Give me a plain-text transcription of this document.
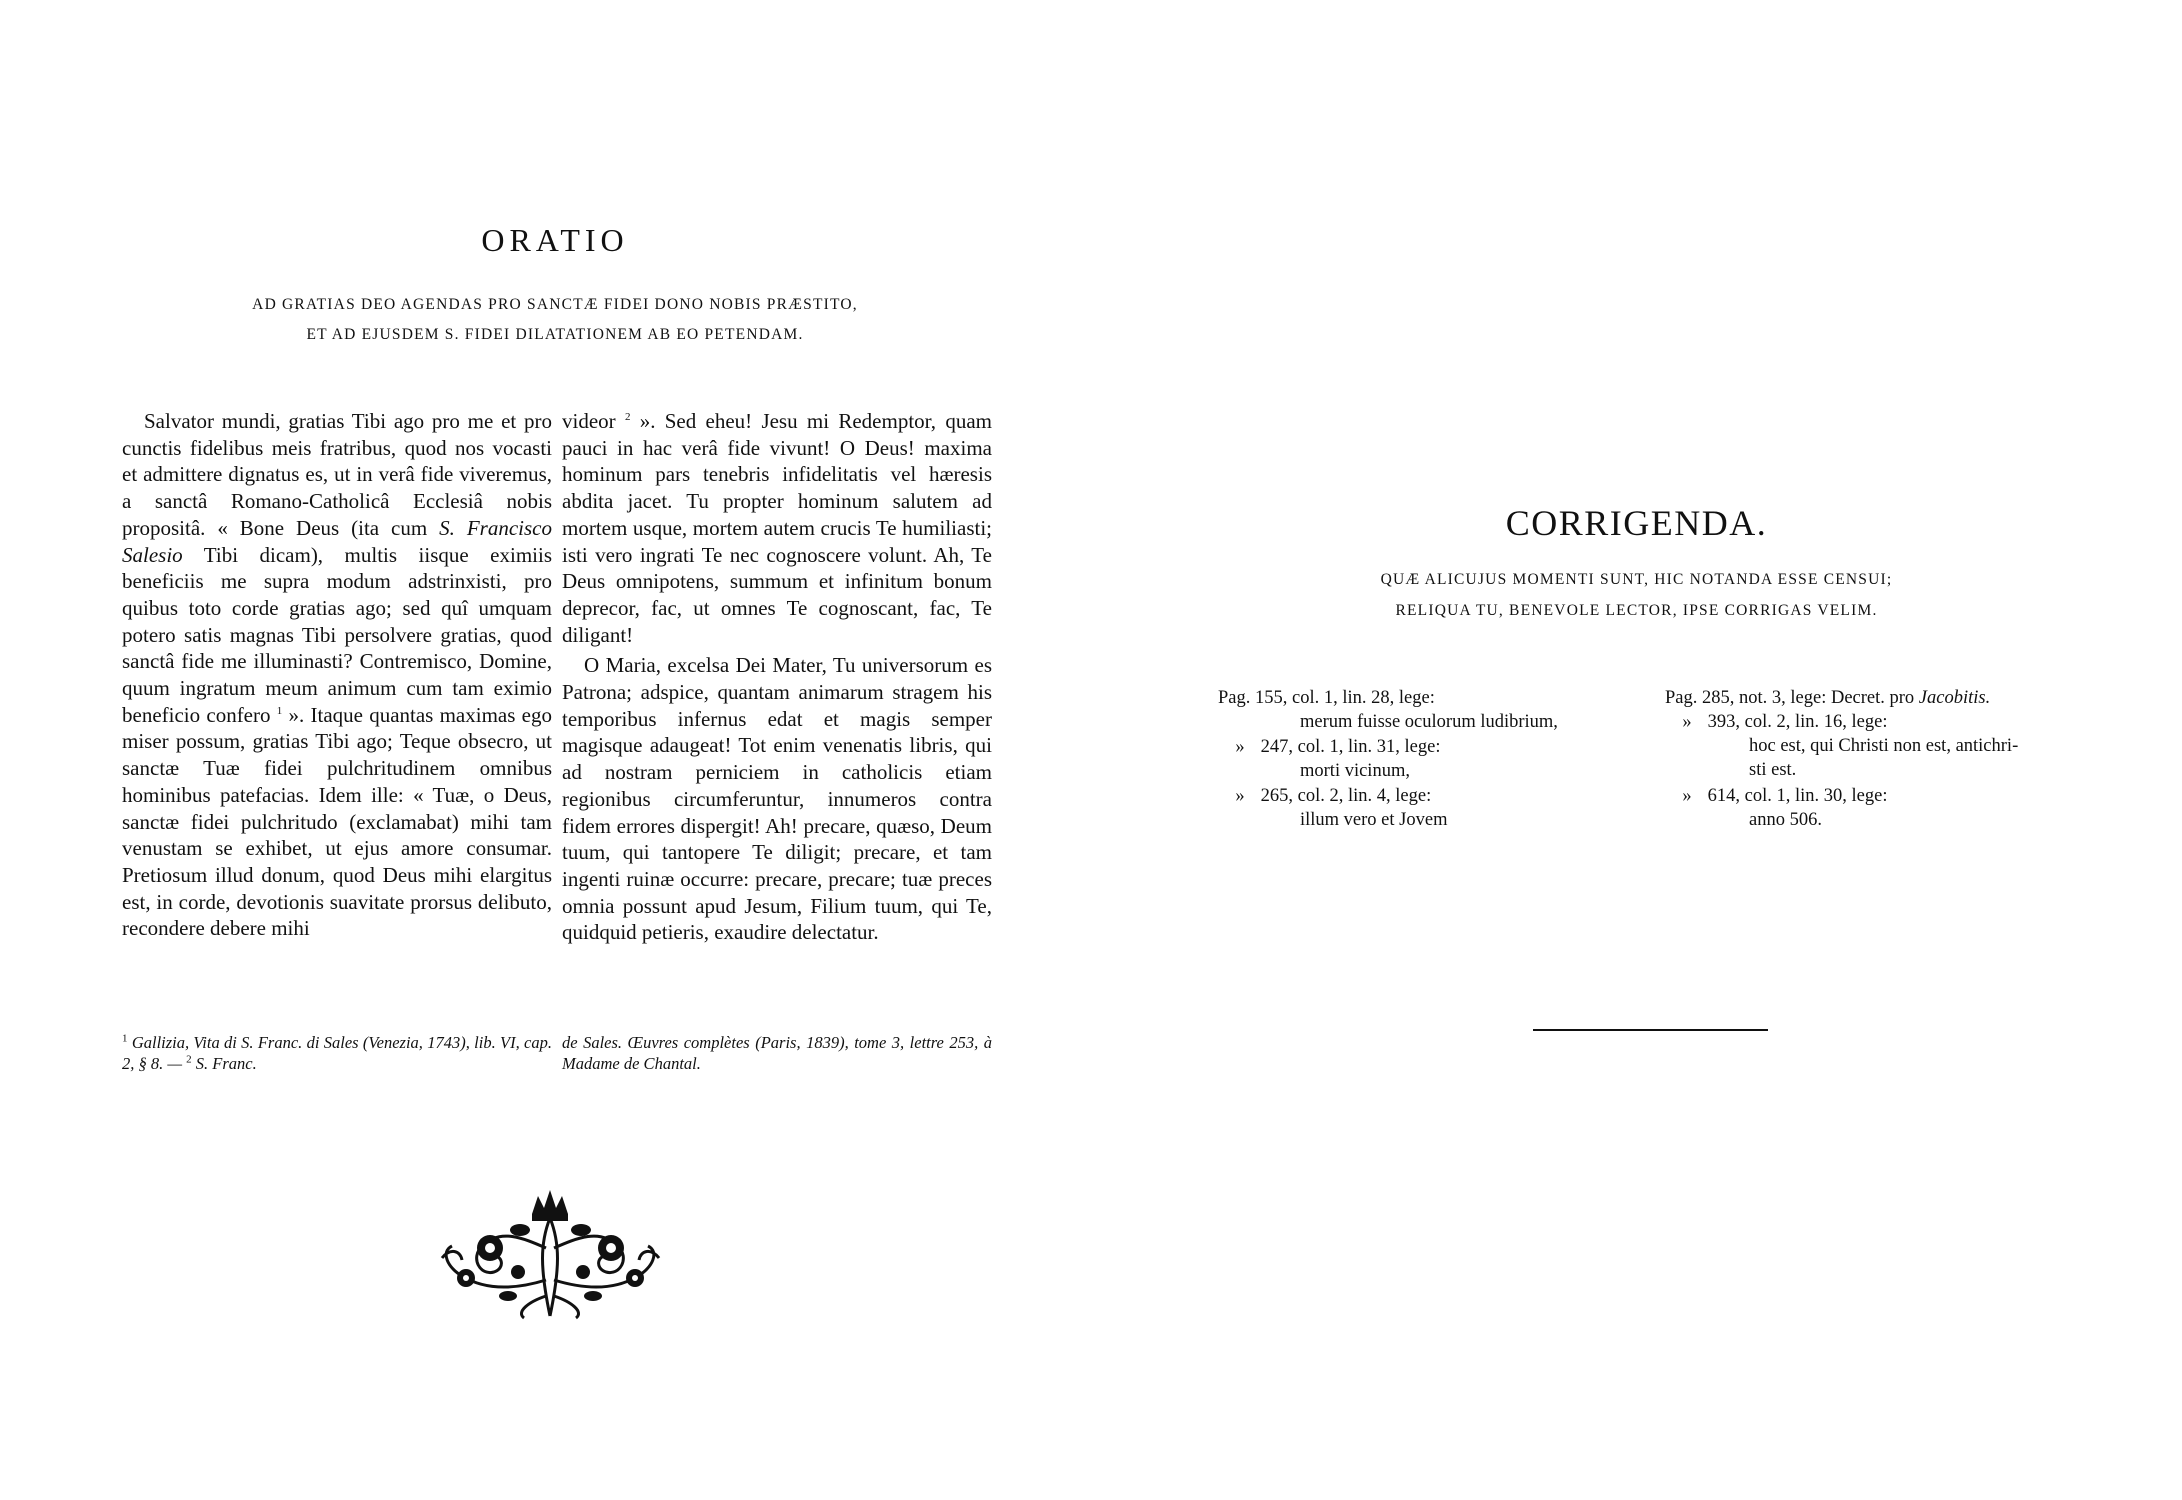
ORATIO

AD GRATIAS DEO AGENDAS PRO SANCTÆ FIDEI DONO NOBIS PRÆSTITO,

ET AD EJUSDEM S. FIDEI DILATATIONEM AB EO PETENDAM.

Salvator mundi, gratias Tibi ago pro me et pro cunctis fidelibus meis fratribus, quod nos vocasti et admittere dignatus es, ut in verâ fide viveremus, a sanctâ Romano-Catholicâ Ecclesiâ nobis propositâ. « Bone Deus (ita cum S. Francisco Salesio Tibi dicam), multis iisque eximiis beneficiis me supra modum adstrinxisti, pro quibus toto corde gratias ago; sed quî umquam potero satis magnas Tibi persolvere gratias, quod sanctâ fide me illuminasti? Contremisco, Domine, quum ingratum meum animum cum tam eximio beneficio confero $^1$ ». Itaque quantas maximas ego miser possum, gratias Tibi ago; Teque obsecro, ut sanctæ Tuæ fidei pulchritudinem omnibus hominibus patefacias. Idem ille: « Tuæ, o Deus, sanctæ fidei pulchritudo (exclamabat) mihi tam venustam se exhibet, ut ejus amore consumar. Pretiosum illud donum, quod Deus mihi elargitus est, in corde, devotionis suavitate prorsus delibuto, recondere debere mihi

videor $^2$ ». Sed eheu! Jesu mi Redemptor, quam pauci in hac verâ fide vivunt! O Deus! maxima hominum pars tenebris infidelitatis vel hæresis abdita jacet. Tu propter hominum salutem ad mortem usque, mortem autem crucis Te humiliasti; isti vero ingrati Te nec cognoscere volunt. Ah, Te Deus omnipotens, summum et infinitum bonum deprecor, fac, ut omnes Te cognoscant, fac, Te diligant!

O Maria, excelsa Dei Mater, Tu universorum es Patrona; adspice, quantam animarum stragem his temporibus infernus edat et magis semper magisque adaugeat! Tot enim venenatis libris, qui ad nostram perniciem in catholicis etiam regionibus circumferuntur, innumeros contra fidem errores dispergit! Ah! precare, quæso, Deum tuum, qui tantopere Te diligit; precare, et tam ingenti ruinæ occurre: precare, precare; tuæ preces omnia possunt apud Jesum, Filium tuum, qui Te, quidquid petieris, exaudire delectatur.

$^1$ Gallizia, Vita di S. Franc. di Sales (Venezia, 1743), lib. VI, cap. 2, § 8. — $^2$ S. Franc.
de Sales. Œuvres complètes (Paris, 1839), tome 3, lettre 253, à Madame de Chantal.
CORRIGENDA.

QUÆ ALICUJUS MOMENTI SUNT, HIC NOTANDA ESSE CENSUI;

RELIQUA TU, BENEVOLE LECTOR, IPSE CORRIGAS VELIM.

Pag. 155, col. 1, lin. 28, lege:
merum fuisse oculorum ludibrium,
» 247, col. 1, lin. 31, lege:
morti vicinum,
» 265, col. 2, lin. 4, lege:
illum vero et Jovem
Pag. 285, not. 3, lege: Decret. pro Jacobitis.
» 393, col. 2, lin. 16, lege:
hoc est, qui Christi non est, antichri-
sti est.
» 614, col. 1, lin. 30, lege:
anno 506.
